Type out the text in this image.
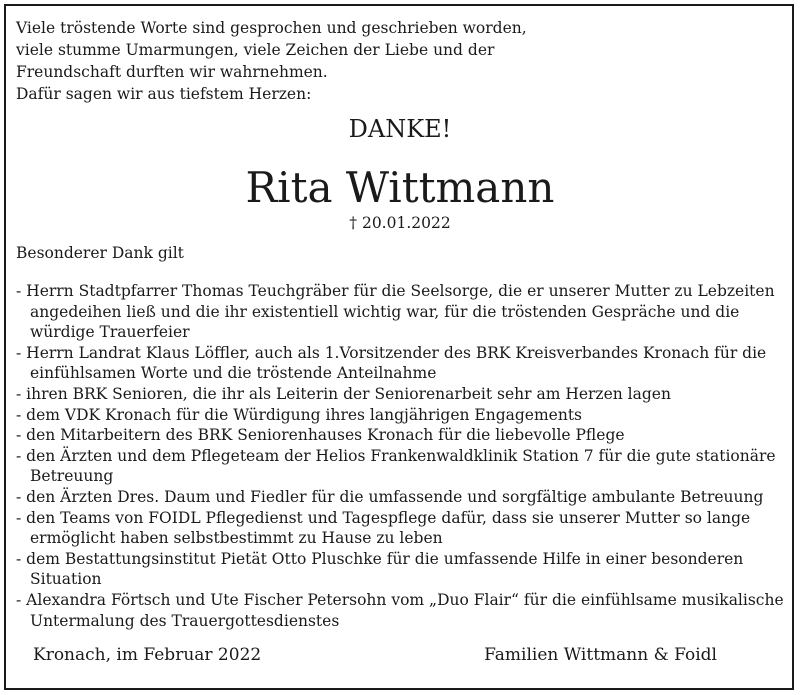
Viele tröstende Worte sind gesprochen und geschrieben worden,
viele stumme Umarmungen, viele Zeichen der Liebe und der
Freundschaft durften wir wahrnehmen.
Dafür sagen wir aus tiefstem Herzen:
DANKE!
Rita Wittmann
† 20.01.2022
Besonderer Dank gilt
- Herrn Stadtpfarrer Thomas Teuchgräber für die Seelsorge, die er unserer Mutter zu Lebzeiten angedeihen ließ und die ihr existentiell wichtig war, für die tröstenden Gespräche und die würdige Trauerfeier
- Herrn Landrat Klaus Löffler, auch als 1.Vorsitzender des BRK Kreisverbandes Kronach für die einfühlsamen Worte und die tröstende Anteilnahme
- ihren BRK Senioren, die ihr als Leiterin der Seniorenarbeit sehr am Herzen lagen
- dem VDK Kronach für die Würdigung ihres langjährigen Engagements
- den Mitarbeitern des BRK Seniorenhauses Kronach für die liebevolle Pflege
- den Ärzten und dem Pflegeteam der Helios Frankenwaldklinik Station 7 für die gute stationäre Betreuung
- den Ärzten Dres. Daum und Fiedler für die umfassende und sorgfältige ambulante Betreuung
- den Teams von FOIDL Pflegedienst und Tagespflege dafür, dass sie unserer Mutter so lange ermöglicht haben selbstbestimmt zu Hause zu leben
- dem Bestattungsinstitut Pietät Otto Pluschke für die umfassende Hilfe in einer besonderen Situation
- Alexandra Förtsch und Ute Fischer Petersohn vom „Duo Flair“ für die einfühlsame musikalische Untermalung des Trauergottesdienstes
Kronach, im Februar 2022	Familien Wittmann & Foidl
